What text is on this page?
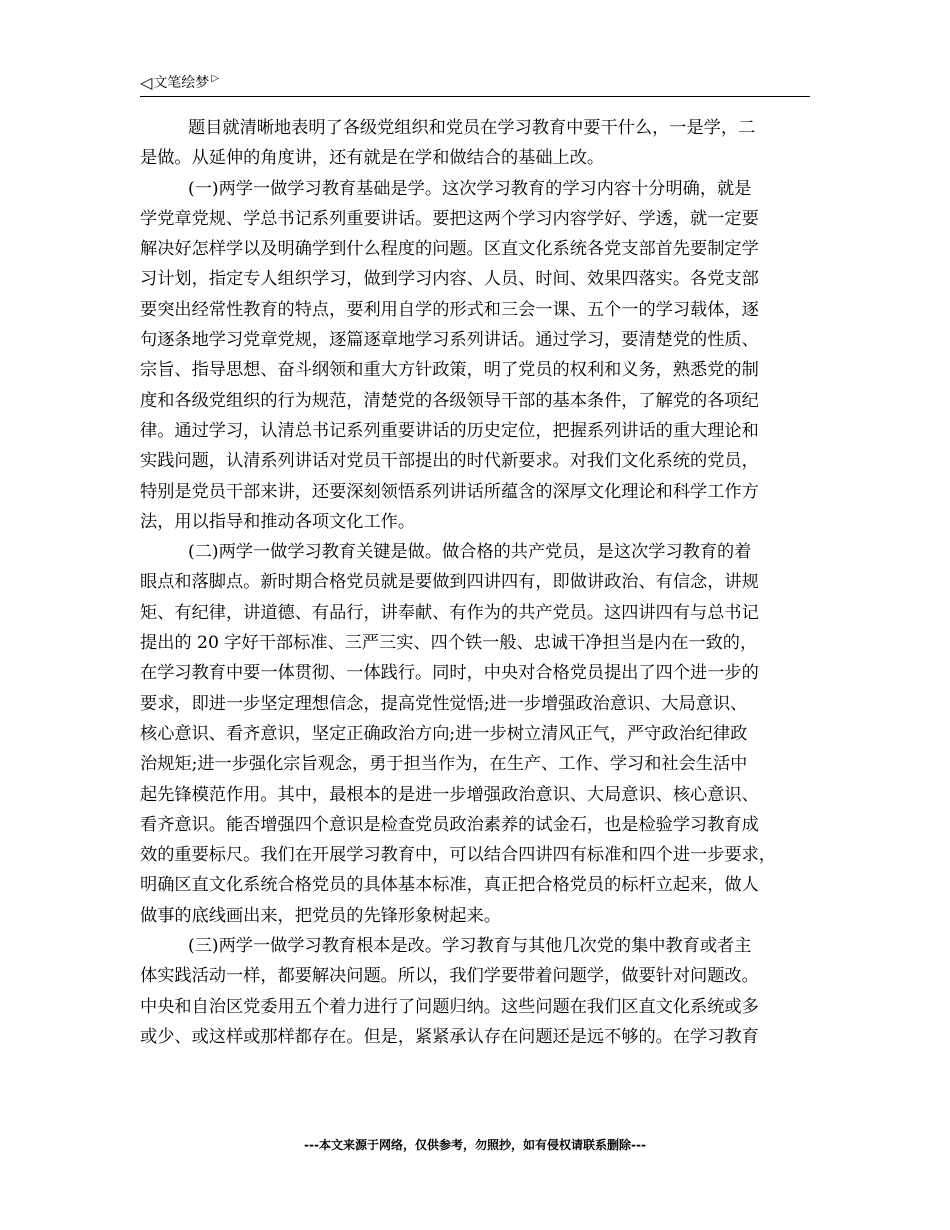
◁ 文笔绘梦 ▷
题目就清晰地表明了各级党组织和党员在学习教育中要干什么，一是学，二
是做。从延伸的角度讲，还有就是在学和做结合的基础上改。
(一)两学一做学习教育基础是学。这次学习教育的学习内容十分明确，就是
学党章党规、学总书记系列重要讲话。要把这两个学习内容学好、学透，就一定要
解决好怎样学以及明确学到什么程度的问题。区直文化系统各党支部首先要制定学
习计划，指定专人组织学习，做到学习内容、人员、时间、效果四落实。各党支部
要突出经常性教育的特点，要利用自学的形式和三会一课、五个一的学习载体，逐
句逐条地学习党章党规，逐篇逐章地学习系列讲话。通过学习，要清楚党的性质、
宗旨、指导思想、奋斗纲领和重大方针政策，明了党员的权利和义务，熟悉党的制
度和各级党组织的行为规范，清楚党的各级领导干部的基本条件，了解党的各项纪
律。通过学习，认清总书记系列重要讲话的历史定位，把握系列讲话的重大理论和
实践问题，认清系列讲话对党员干部提出的时代新要求。对我们文化系统的党员，
特别是党员干部来讲，还要深刻领悟系列讲话所蕴含的深厚文化理论和科学工作方
法，用以指导和推动各项文化工作。
(二)两学一做学习教育关键是做。做合格的共产党员，是这次学习教育的着
眼点和落脚点。新时期合格党员就是要做到四讲四有，即做讲政治、有信念，讲规
矩、有纪律，讲道德、有品行，讲奉献、有作为的共产党员。这四讲四有与总书记
提出的 20 字好干部标准、三严三实、四个铁一般、忠诚干净担当是内在一致的，
在学习教育中要一体贯彻、一体践行。同时，中央对合格党员提出了四个进一步的
要求，即进一步坚定理想信念，提高党性觉悟;进一步增强政治意识、大局意识、
核心意识、看齐意识，坚定正确政治方向;进一步树立清风正气，严守政治纪律政
治规矩;进一步强化宗旨观念，勇于担当作为，在生产、工作、学习和社会生活中
起先锋模范作用。其中，最根本的是进一步增强政治意识、大局意识、核心意识、
看齐意识。能否增强四个意识是检查党员政治素养的试金石，也是检验学习教育成
效的重要标尺。我们在开展学习教育中，可以结合四讲四有标准和四个进一步要求，
明确区直文化系统合格党员的具体基本标准，真正把合格党员的标杆立起来，做人
做事的底线画出来，把党员的先锋形象树起来。
(三)两学一做学习教育根本是改。学习教育与其他几次党的集中教育或者主
体实践活动一样，都要解决问题。所以，我们学要带着问题学，做要针对问题改。
中央和自治区党委用五个着力进行了问题归纳。这些问题在我们区直文化系统或多
或少、或这样或那样都存在。但是，紧紧承认存在问题还是远不够的。在学习教育
---本文来源于网络，仅供参考，勿照抄，如有侵权请联系删除---
